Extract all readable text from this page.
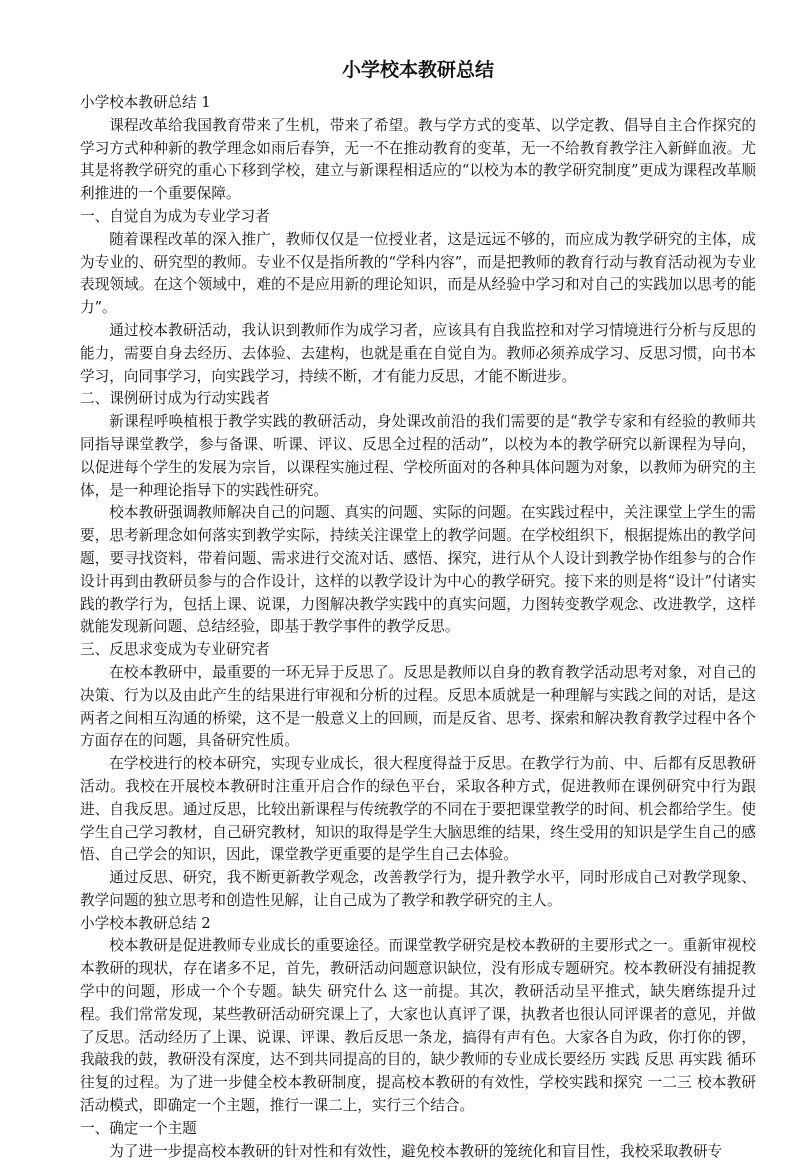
小学校本教研总结

小学校本教研总结 1

课程改革给我国教育带来了生机，带来了希望。教与学方式的变革、以学定教、倡导自主合作探究的学习方式种种新的教学理念如雨后春笋，无一不在推动教育的变革，无一不给教育教学注入新鲜血液。尤其是将教学研究的重心下移到学校，建立与新课程相适应的“以校为本的教学研究制度”更成为课程改革顺利推进的一个重要保障。

一、自觉自为成为专业学习者

随着课程改革的深入推广，教师仅仅是一位授业者，这是远远不够的，而应成为教学研究的主体，成为专业的、研究型的教师。专业不仅是指所教的“学科内容”，而是把教师的教育行动与教育活动视为专业表现领域。在这个领域中，难的不是应用新的理论知识，而是从经验中学习和对自己的实践加以思考的能力”。

通过校本教研活动，我认识到教师作为成学习者，应该具有自我监控和对学习情境进行分析与反思的能力，需要自身去经历、去体验、去建构，也就是重在自觉自为。教师必须养成学习、反思习惯，向书本学习，向同事学习，向实践学习，持续不断，才有能力反思，才能不断进步。

二、课例研讨成为行动实践者

新课程呼唤植根于教学实践的教研活动，身处课改前沿的我们需要的是“教学专家和有经验的教师共同指导课堂教学，参与备课、听课、评议、反思全过程的活动”，以校为本的教学研究以新课程为导向，以促进每个学生的发展为宗旨，以课程实施过程、学校所面对的各种具体问题为对象，以教师为研究的主体，是一种理论指导下的实践性研究。

校本教研强调教师解决自己的问题、真实的问题、实际的问题。在实践过程中，关注课堂上学生的需要，思考新理念如何落实到教学实际，持续关注课堂上的教学问题。在学校组织下，根据提炼出的教学问题，要寻找资料，带着问题、需求进行交流对话、感悟、探究，进行从个人设计到教学协作组参与的合作设计再到由教研员参与的合作设计，这样的以教学设计为中心的教学研究。接下来的则是将“设计”付诸实践的教学行为，包括上课、说课，力图解决教学实践中的真实问题，力图转变教学观念、改进教学，这样就能发现新问题、总结经验，即基于教学事件的教学反思。

三、反思求变成为专业研究者

在校本教研中，最重要的一环无异于反思了。反思是教师以自身的教育教学活动思考对象，对自己的决策、行为以及由此产生的结果进行审视和分析的过程。反思本质就是一种理解与实践之间的对话，是这两者之间相互沟通的桥梁，这不是一般意义上的回顾，而是反省、思考、探索和解决教育教学过程中各个方面存在的问题，具备研究性质。

在学校进行的校本研究，实现专业成长，很大程度得益于反思。在教学行为前、中、后都有反思教研活动。我校在开展校本教研时注重开启合作的绿色平台，采取各种方式，促进教师在课例研究中行为跟进、自我反思。通过反思，比较出新课程与传统教学的不同在于要把课堂教学的时间、机会都给学生。使学生自己学习教材，自己研究教材，知识的取得是学生大脑思维的结果，终生受用的知识是学生自己的感悟、自己学会的知识，因此，课堂教学更重要的是学生自己去体验。

通过反思、研究，我不断更新教学观念，改善教学行为，提升教学水平，同时形成自己对教学现象、教学问题的独立思考和创造性见解，让自己成为了教学和教学研究的主人。

小学校本教研总结 2

校本教研是促进教师专业成长的重要途径。而课堂教学研究是校本教研的主要形式之一。重新审视校本教研的现状，存在诸多不足，首先，教研活动问题意识缺位，没有形成专题研究。校本教研没有捕捉教学中的问题，形成一个个专题。缺失 研究什么 这一前提。其次，教研活动呈平推式，缺失磨练提升过程。我们常常发现，某些教研活动研究课上了，大家也认真评了课，执教者也很认同评课者的意见，并做了反思。活动经历了上课、说课、评课、教后反思一条龙，搞得有声有色。大家各自为政，你打你的锣，我敲我的鼓，教研没有深度，达不到共同提高的目的，缺少教师的专业成长要经历 实践 反思 再实践 循环往复的过程。为了进一步健全校本教研制度，提高校本教研的有效性，学校实践和探究 一二三 校本教研活动模式，即确定一个主题，推行一课二上，实行三个结合。

一、确定一个主题

为了进一步提高校本教研的针对性和有效性，避免校本教研的笼统化和盲目性，我校采取教研专
